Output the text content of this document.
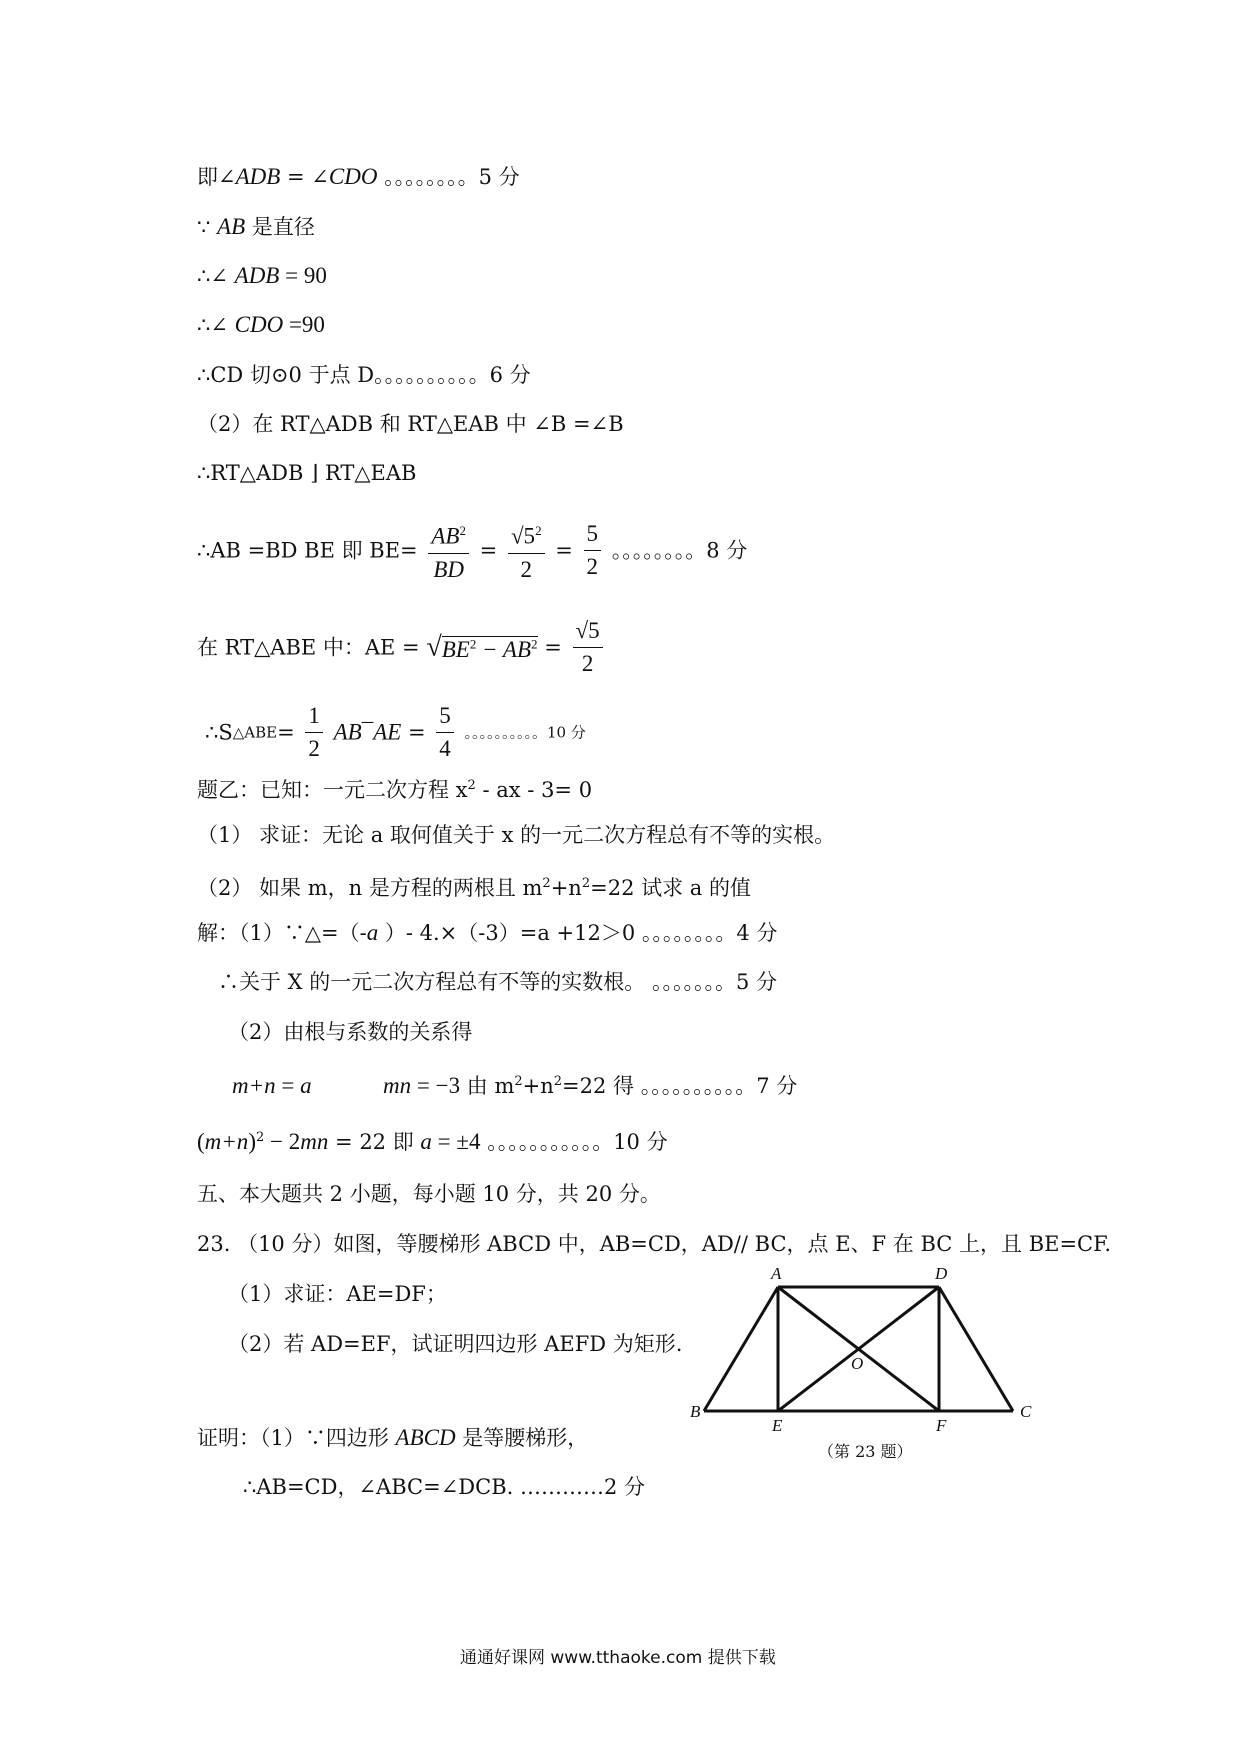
即∠ADB = ∠CDO 。。。。。。。。5 分
∵ AB 是直径
∴∠ ADB = 90
∴∠ CDO =90
∴CD 切⊙0 于点 D。。。。。。。。。。6 分
（2）在 RT△ADB 和 RT△EAB 中 ∠B =∠B
∴RT△ADB ⌋ RT△EAB
∴AB =BD BE 即 $BE= \frac{AB^2}{BD} = \frac{√5^2}{2} = \frac{5}{2}$ 。。。。。。。。8 分
在 RT△ABE 中：AE = $√BE^2 - AB^2 = \frac{√5}{2}$
∴S△ABE= $\frac{1}{2}$ AB¯AE = $\frac{5}{4}$ 。。。。。。。。。。10 分
题乙：已知：一元二次方程 $x^2$ - ax - 3= 0
（1） 求证：无论 a 取何值关于 x 的一元二次方程总有不等的实根。
（2） 如果 m，n 是方程的两根且 $m^2+n^2=22$ 试求 a 的值
解：（1）∵△=（-a ）- 4.×（-3）=a +12＞0 。。。。。。。。4 分
∴关于 X 的一元二次方程总有不等的实数根。 。。。。。。。5 分
（2）由根与系数的关系得
m+n = a	mn = −3 由 $m^2+n^2=22$ 得 。。。。。。。。。。7 分
$(m+n)^2 - 2mn = 22$ 即 a = ±4 。。。。。。。。。。。10 分
五、本大题共 2 小题，每小题 10 分，共 20 分。
23. （10 分）如图，等腰梯形 ABCD 中，AB=CD，AD// BC，点 E、F 在 BC 上，且 BE=CF.
（1）求证：AE=DF；
（2）若 AD=EF，试证明四边形 AEFD 为矩形.
证明：（1）∵四边形 ABCD 是等腰梯形，
∴AB=CD，∠ABC=∠DCB. …………2 分
A	D
O
B
E	F
C
（第 23 题）
通通好课网 www.tthaoke.com 提供下载
